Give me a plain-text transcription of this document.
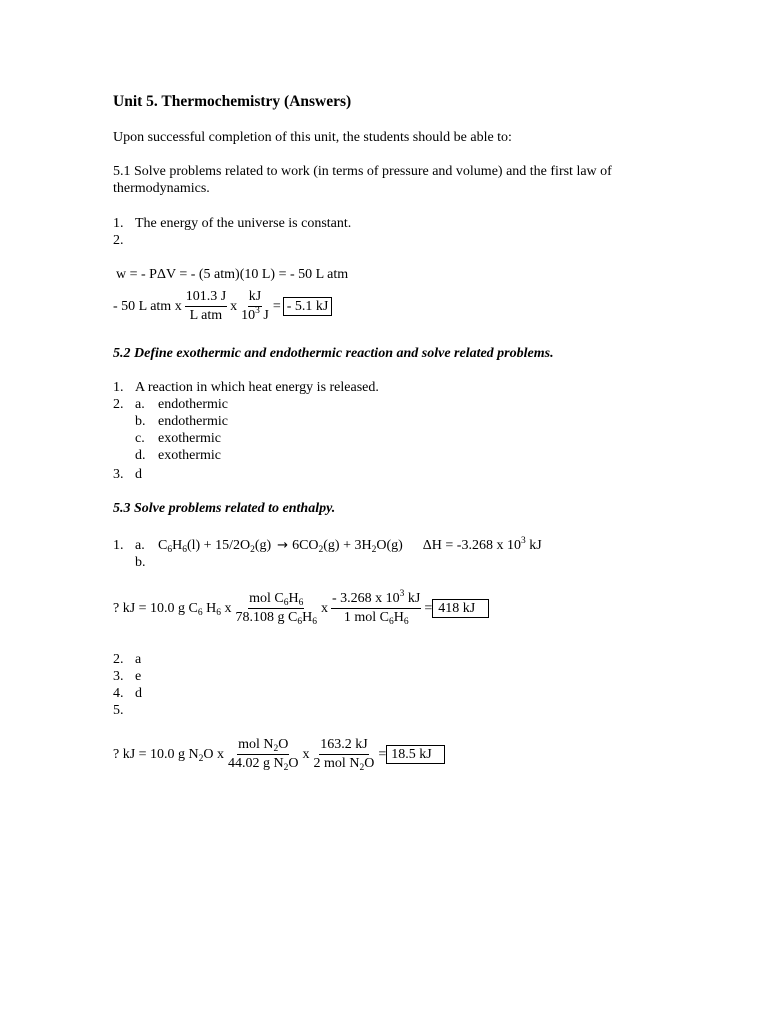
Unit 5. Thermochemistry (Answers)
Upon successful completion of this unit, the students should be able to:
5.1 Solve problems related to work (in terms of pressure and volume) and the first law of thermodynamics.
1. The energy of the universe is constant.
2.
w = - PΔV = - (5 atm)(10 L) = - 50 L atm
- 50 L atm x $\frac{101.3 J}{\text{L atm}}$ x $\frac{kJ}{10^3 J}$ = - 5.1 kJ
5.2 Define exothermic and endothermic reaction and solve related problems.
1. A reaction in which heat energy is released.
2. a. endothermic
b. endothermic
c. exothermic
d. exothermic
3. d
5.3 Solve problems related to enthalpy.
1. a. $C_6H_6(l) + 15/2O_2(g) \to 6CO_2(g) + 3H_2O(g) \Delta H = -3.268$ x $10^3$ kJ
b.
? kJ = 10.0 g $C_6$ $H_6$ x $\frac{mol C_6H_6}{78.108 g C_6H_6}$ x $\frac{- 3.268 x 10^3 kJ}{1 mol C_6H_6} = 418$ kJ
2. a
3. e
4. d
5.
? kJ = 10.0 g $N_2O$ x $\frac{mol N_2O}{44.02 g N_2O}$ x $\frac{163.2 kJ}{2 mol N_2O} = 18.5$ kJ
